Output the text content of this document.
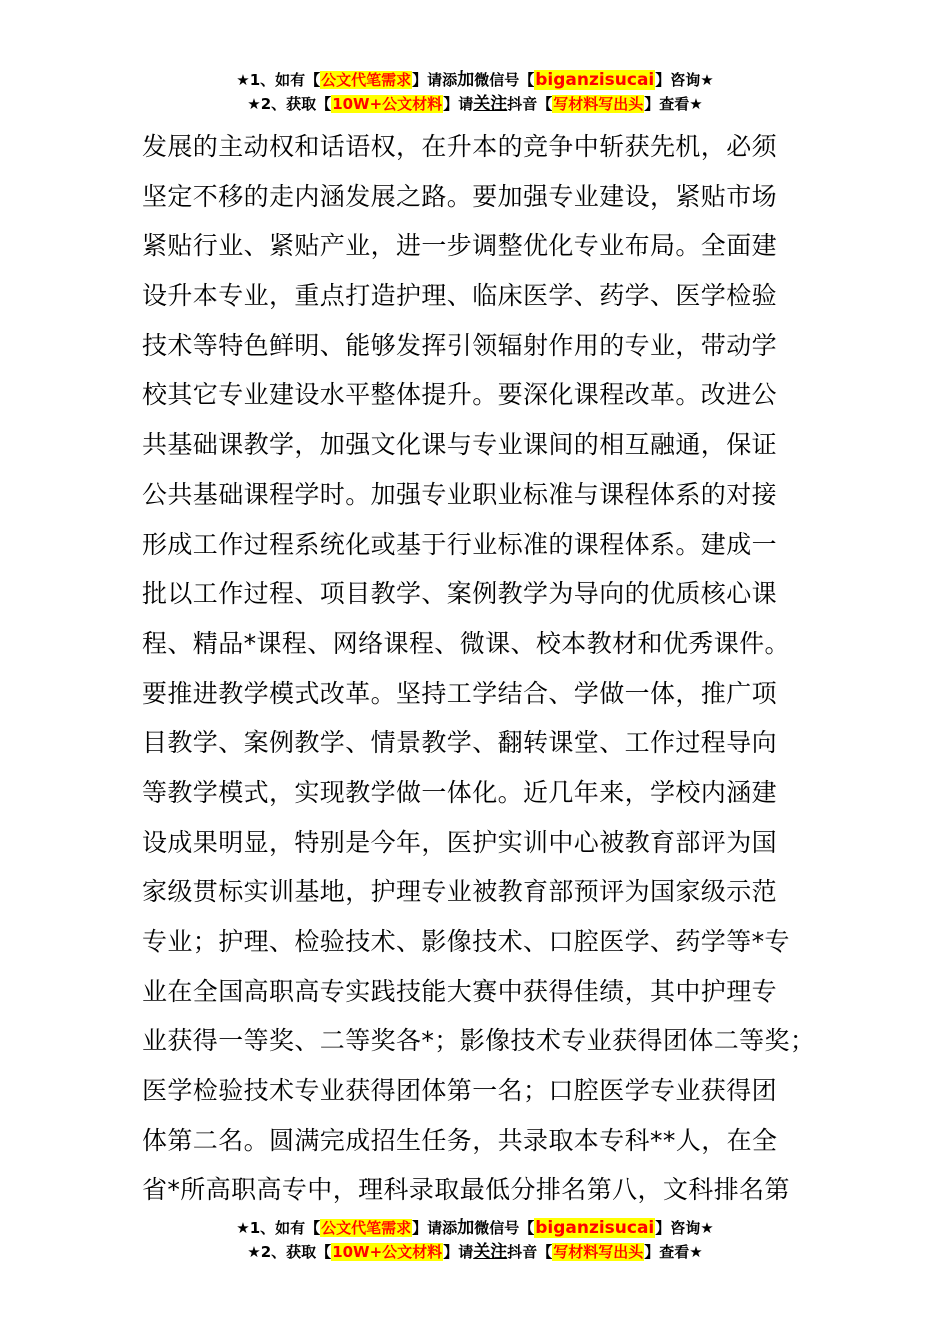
★1、如有【公文代笔需求】请添加微信号【biganzisucai】咨询★
★2、获取【10W+公文材料】请关注抖音【写材料写出头】查看★
发展的主动权和话语权，在升本的竞争中斩获先机，必须
坚定不移的走内涵发展之路。要加强专业建设，紧贴市场
紧贴行业、紧贴产业，进一步调整优化专业布局。全面建
设升本专业，重点打造护理、临床医学、药学、医学检验
技术等特色鲜明、能够发挥引领辐射作用的专业，带动学
校其它专业建设水平整体提升。要深化课程改革。改进公
共基础课教学，加强文化课与专业课间的相互融通，保证
公共基础课程学时。加强专业职业标准与课程体系的对接
形成工作过程系统化或基于行业标准的课程体系。建成一
批以工作过程、项目教学、案例教学为导向的优质核心课
程、精品*课程、网络课程、微课、校本教材和优秀课件。
要推进教学模式改革。坚持工学结合、学做一体，推广项
目教学、案例教学、情景教学、翻转课堂、工作过程导向
等教学模式，实现教学做一体化。近几年来，学校内涵建
设成果明显，特别是今年，医护实训中心被教育部评为国
家级贯标实训基地，护理专业被教育部预评为国家级示范
专业；护理、检验技术、影像技术、口腔医学、药学等*专
业在全国高职高专实践技能大赛中获得佳绩，其中护理专
业获得一等奖、二等奖各*；影像技术专业获得团体二等奖；
医学检验技术专业获得团体第一名；口腔医学专业获得团
体第二名。圆满完成招生任务，共录取本专科**人，在全
省*所高职高专中，理科录取最低分排名第八，文科排名第
★1、如有【公文代笔需求】请添加微信号【biganzisucai】咨询★
★2、获取【10W+公文材料】请关注抖音【写材料写出头】查看★
